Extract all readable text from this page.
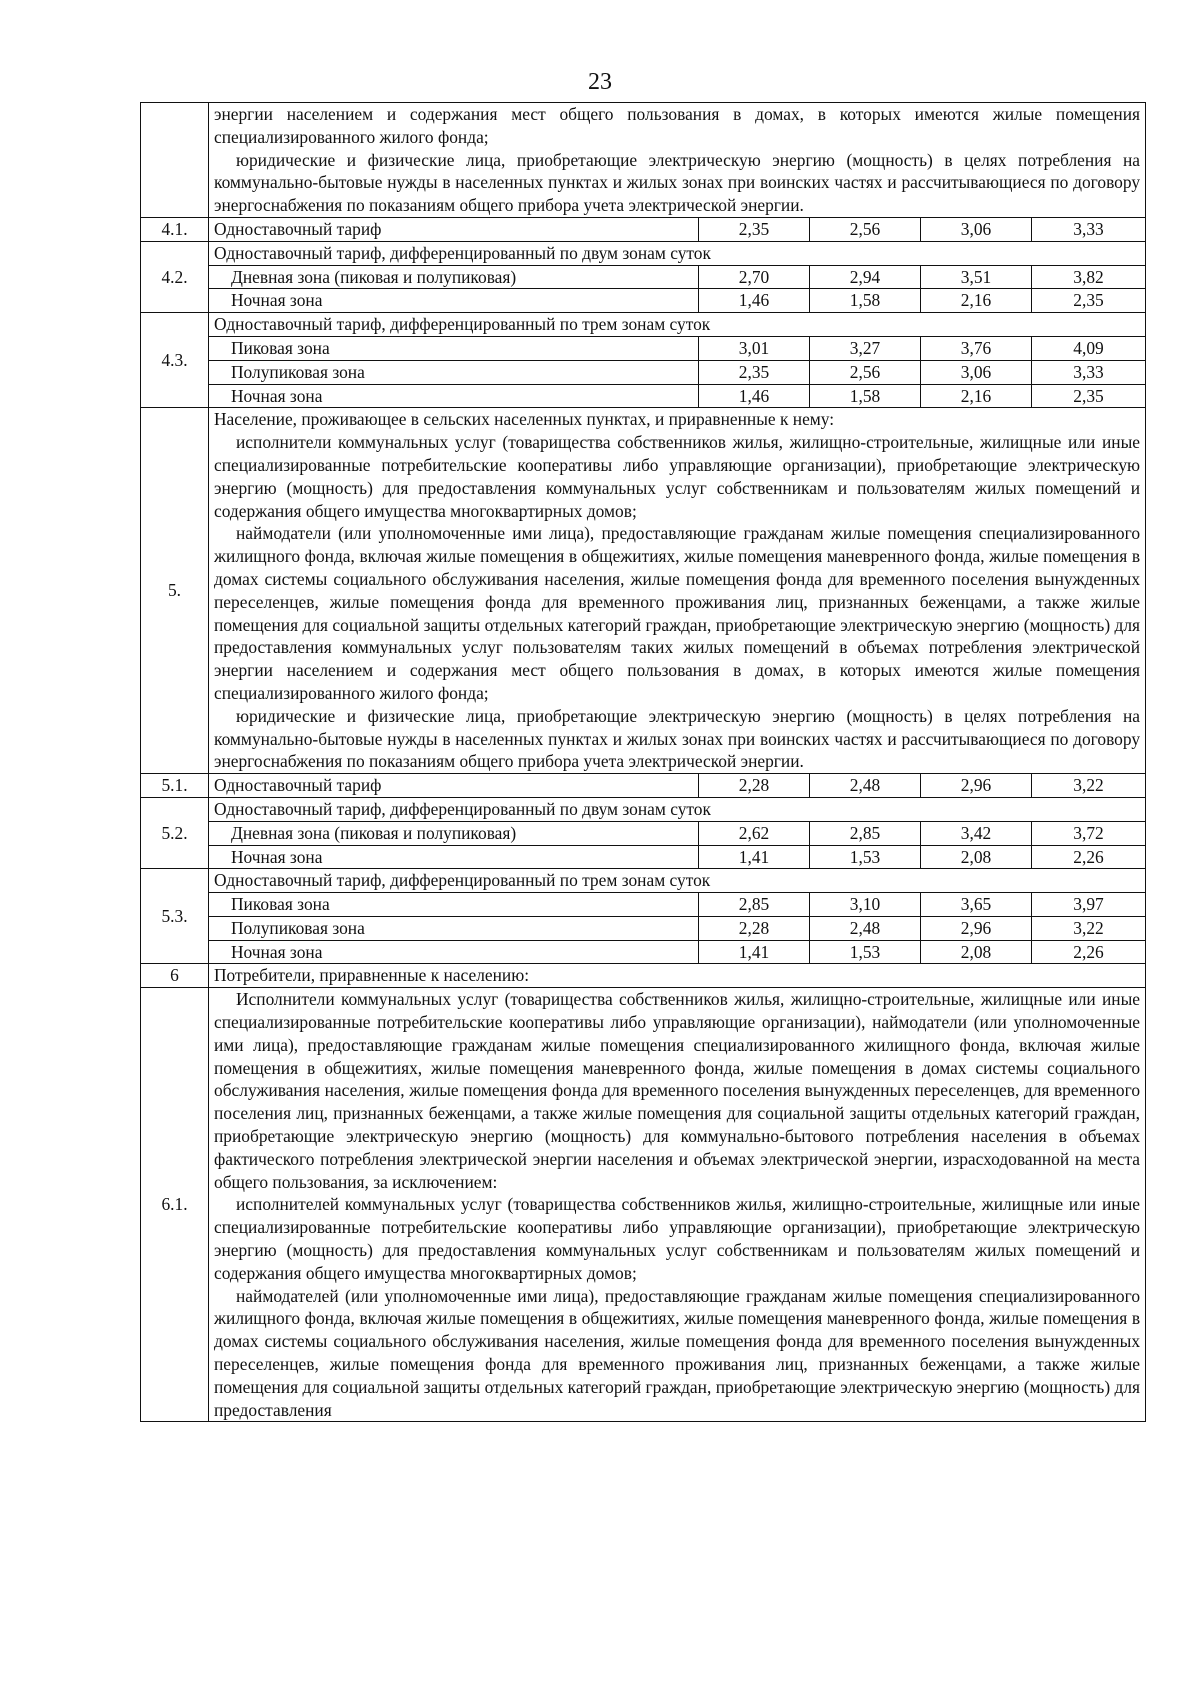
23

	энергии населением и содержания мест общего пользования в домах, в которых имеются жилые помещения специализированного жилого фонда;
юридические и физические лица, приобретающие электрическую энергию (мощность) в целях потребления на коммунально-бытовые нужды в населенных пунктах и жилых зонах при воинских частях и рассчитывающиеся по договору энергоснабжения по показаниям общего прибора учета электрической энергии.				

4.1.	Одноставочный тариф	2,35	2,56	3,06	3,33
4.2.	Одноставочный тариф, дифференцированный по двум зонам суток				
	Дневная зона (пиковая и полупиковая)	2,70	2,94	3,51	3,82
	Ночная зона	1,46	1,58	2,16	2,35
4.3.	Одноставочный тариф, дифференцированный по трем зонам суток				
	Пиковая зона	3,01	3,27	3,76	4,09
	Полупиковая зона	2,35	2,56	3,06	3,33
	Ночная зона	1,46	1,58	2,16	2,35
5.	Население, проживающее в сельских населенных пунктах, и приравненные к нему:
исполнители коммунальных услуг (товарищества собственников жилья, жилищно-строительные, жилищные или иные специализированные потребительские кооперативы либо управляющие организации), приобретающие электрическую энергию (мощность) для предоставления коммунальных услуг собственникам и пользователям жилых помещений и содержания общего имущества многоквартирных домов;
наймодатели (или уполномоченные ими лица), предоставляющие гражданам жилые помещения специализированного жилищного фонда, включая жилые помещения в общежитиях, жилые помещения маневренного фонда, жилые помещения в домах системы социального обслуживания населения, жилые помещения фонда для временного поселения вынужденных переселенцев, жилые помещения фонда для временного проживания лиц, признанных беженцами, а также жилые помещения для социальной защиты отдельных категорий граждан, приобретающие электрическую энергию (мощность) для предоставления коммунальных услуг пользователям таких жилых помещений в объемах потребления электрической энергии населением и содержания мест общего пользования в домах, в которых имеются жилые помещения специализированного жилого фонда;
юридические и физические лица, приобретающие электрическую энергию (мощность) в целях потребления на коммунально-бытовые нужды в населенных пунктах и жилых зонах при воинских частях и рассчитывающиеся по договору энергоснабжения по показаниям общего прибора учета электрической энергии.				

5.1.	Одноставочный тариф	2,28	2,48	2,96	3,22
5.2.	Одноставочный тариф, дифференцированный по двум зонам суток				
	Дневная зона (пиковая и полупиковая)	2,62	2,85	3,42	3,72
	Ночная зона	1,41	1,53	2,08	2,26
5.3.	Одноставочный тариф, дифференцированный по трем зонам суток				
	Пиковая зона	2,85	3,10	3,65	3,97
	Полупиковая зона	2,28	2,48	2,96	3,22
	Ночная зона	1,41	1,53	2,08	2,26
6	Потребители, приравненные к населению:				
6.1.	Исполнители коммунальных услуг (товарищества собственников жилья, жилищно-строительные, жилищные или иные специализированные потребительские кооперативы либо управляющие организации), наймодатели (или уполномоченные ими лица), предоставляющие гражданам жилые помещения специализированного жилищного фонда, включая жилые помещения в общежитиях, жилые помещения маневренного фонда, жилые помещения в домах системы социального обслуживания населения, жилые помещения фонда для временного поселения вынужденных переселенцев, для временного поселения лиц, признанных беженцами, а также жилые помещения для социальной защиты отдельных категорий граждан, приобретающие электрическую энергию (мощность) для коммунально-бытового потребления населения в объемах фактического потребления электрической энергии населения и объемах электрической энергии, израсходованной на места общего пользования, за исключением:
исполнителей коммунальных услуг (товарищества собственников жилья, жилищно-строительные, жилищные или иные специализированные потребительские кооперативы либо управляющие организации), приобретающие электрическую энергию (мощность) для предоставления коммунальных услуг собственникам и пользователям жилых помещений и содержания общего имущества многоквартирных домов;
наймодателей (или уполномоченные ими лица), предоставляющие гражданам жилые помещения специализированного жилищного фонда, включая жилые помещения в общежитиях, жилые помещения маневренного фонда, жилые помещения в домах системы социального обслуживания населения, жилые помещения фонда для временного поселения вынужденных переселенцев, жилые помещения фонда для временного проживания лиц, признанных беженцами, а также жилые помещения для социальной защиты отдельных категорий граждан, приобретающие электрическую энергию (мощность) для предоставления				
